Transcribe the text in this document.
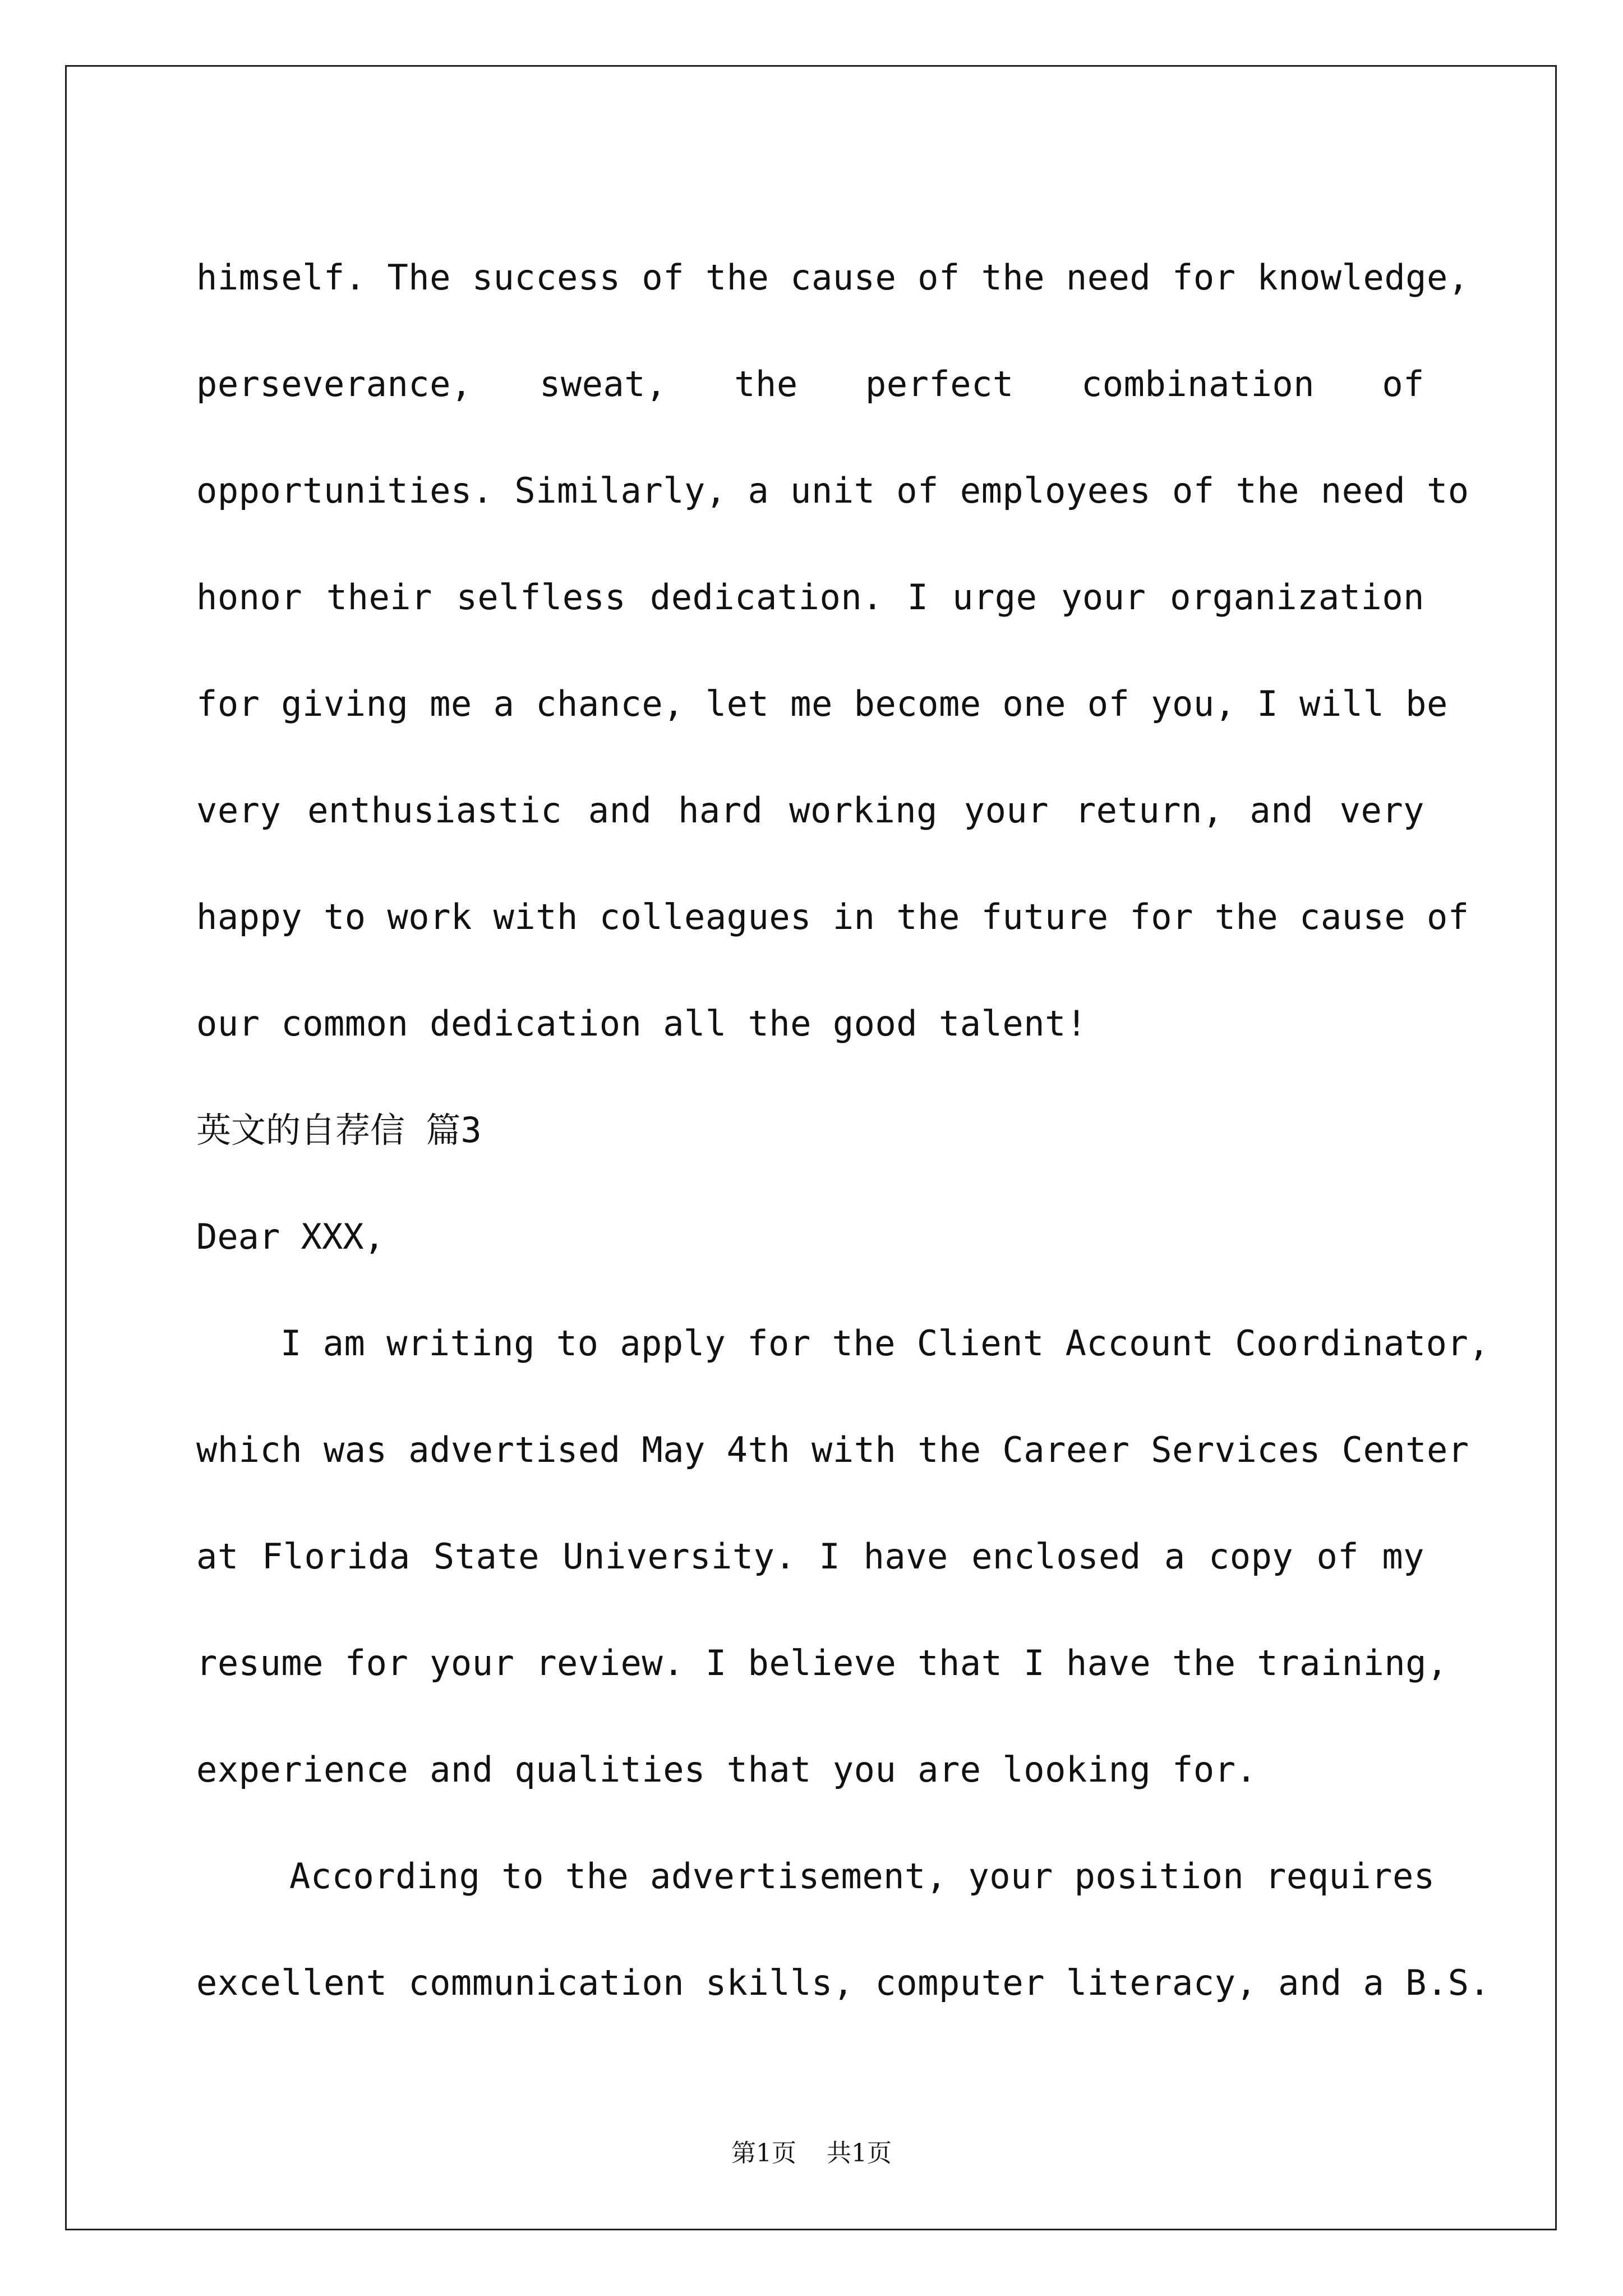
himself. The success of the cause of the need for knowledge,
perseverance, sweat, the perfect combination of
opportunities. Similarly, a unit of employees of the need to
honor their selfless dedication. I urge your organization
for giving me a chance, let me become one of you, I will be
very enthusiastic and hard working your return, and very
happy to work with colleagues in the future for the cause of
our common dedication all the good talent!
英文的自荐信 篇3
Dear XXX,
I am writing to apply for the Client Account Coordinator,
which was advertised May 4th with the Career Services Center
at Florida State University. I have enclosed a copy of my
resume for your review. I believe that I have the training,
experience and qualities that you are looking for.
According to the advertisement, your position requires
excellent communication skills, computer literacy, and a B.S.
第1页 共1页
